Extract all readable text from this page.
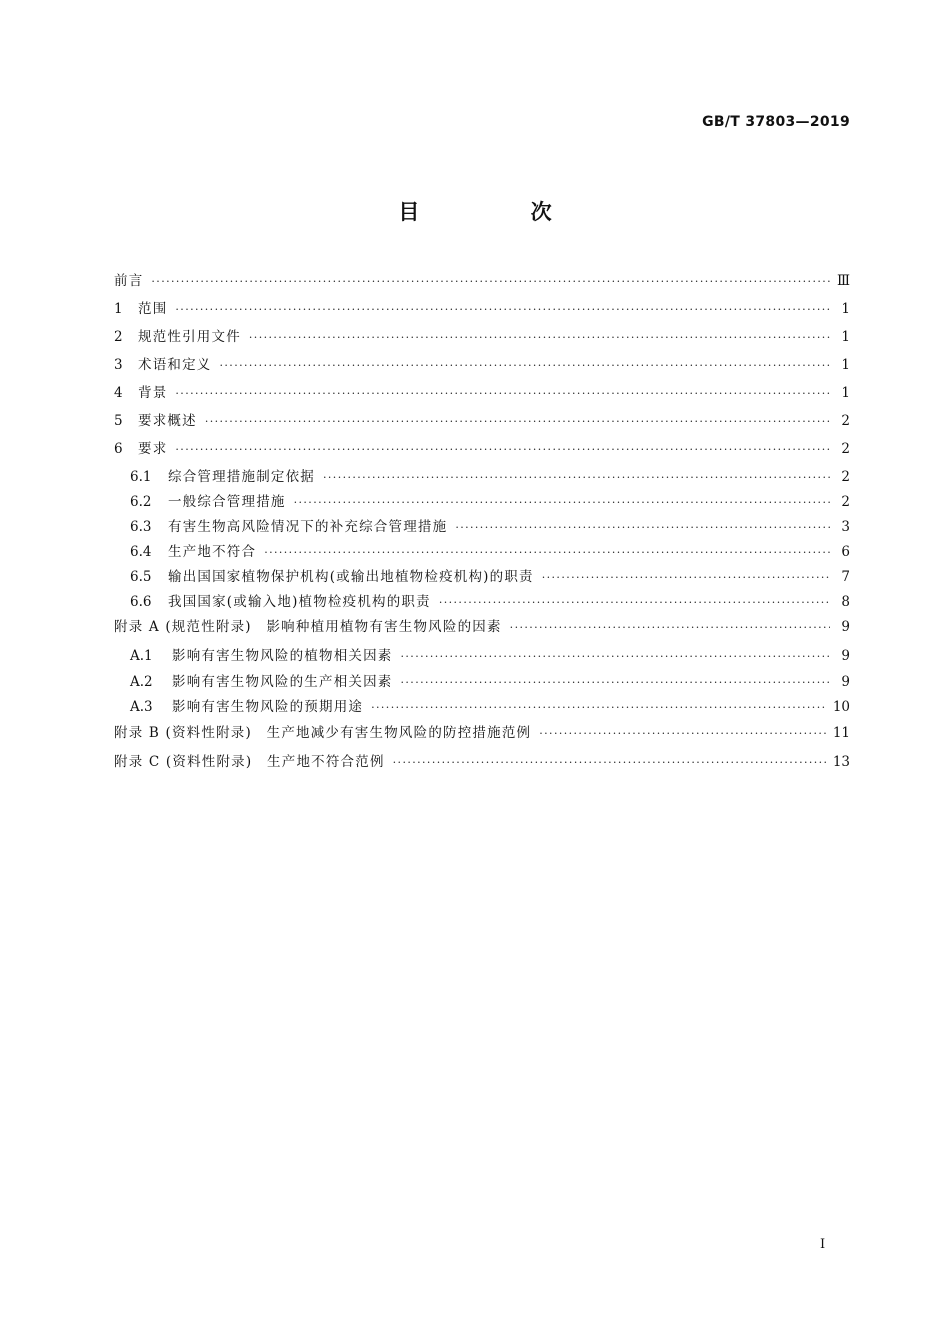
GB/T 37803—2019
目 次
前言 ·····	Ⅲ
1	范围 ·····	1
2	规范性引用文件 ·····	1
3	术语和定义 ·····	1
4	背景 ·····	1
5	要求概述 ·····	2
6	要求 ·····	2
6.1	综合管理措施制定依据 ·····	2
6.2	一般综合管理措施 ·····	2
6.3	有害生物高风险情况下的补充综合管理措施 ·····	3
6.4	生产地不符合 ·····	6
6.5	输出国国家植物保护机构(或输出地植物检疫机构)的职责 ·····	7
6.6	我国国家(或输入地)植物检疫机构的职责 ·····	8
附录 A (规范性附录)　影响种植用植物有害生物风险的因素 ·····	9
A.1	影响有害生物风险的植物相关因素 ·····	9
A.2	影响有害生物风险的生产相关因素 ·····	9
A.3	影响有害生物风险的预期用途 ·····	10
附录 B (资料性附录)　生产地减少有害生物风险的防控措施范例 ·····	11
附录 C (资料性附录)　生产地不符合范例 ·····	13
I
